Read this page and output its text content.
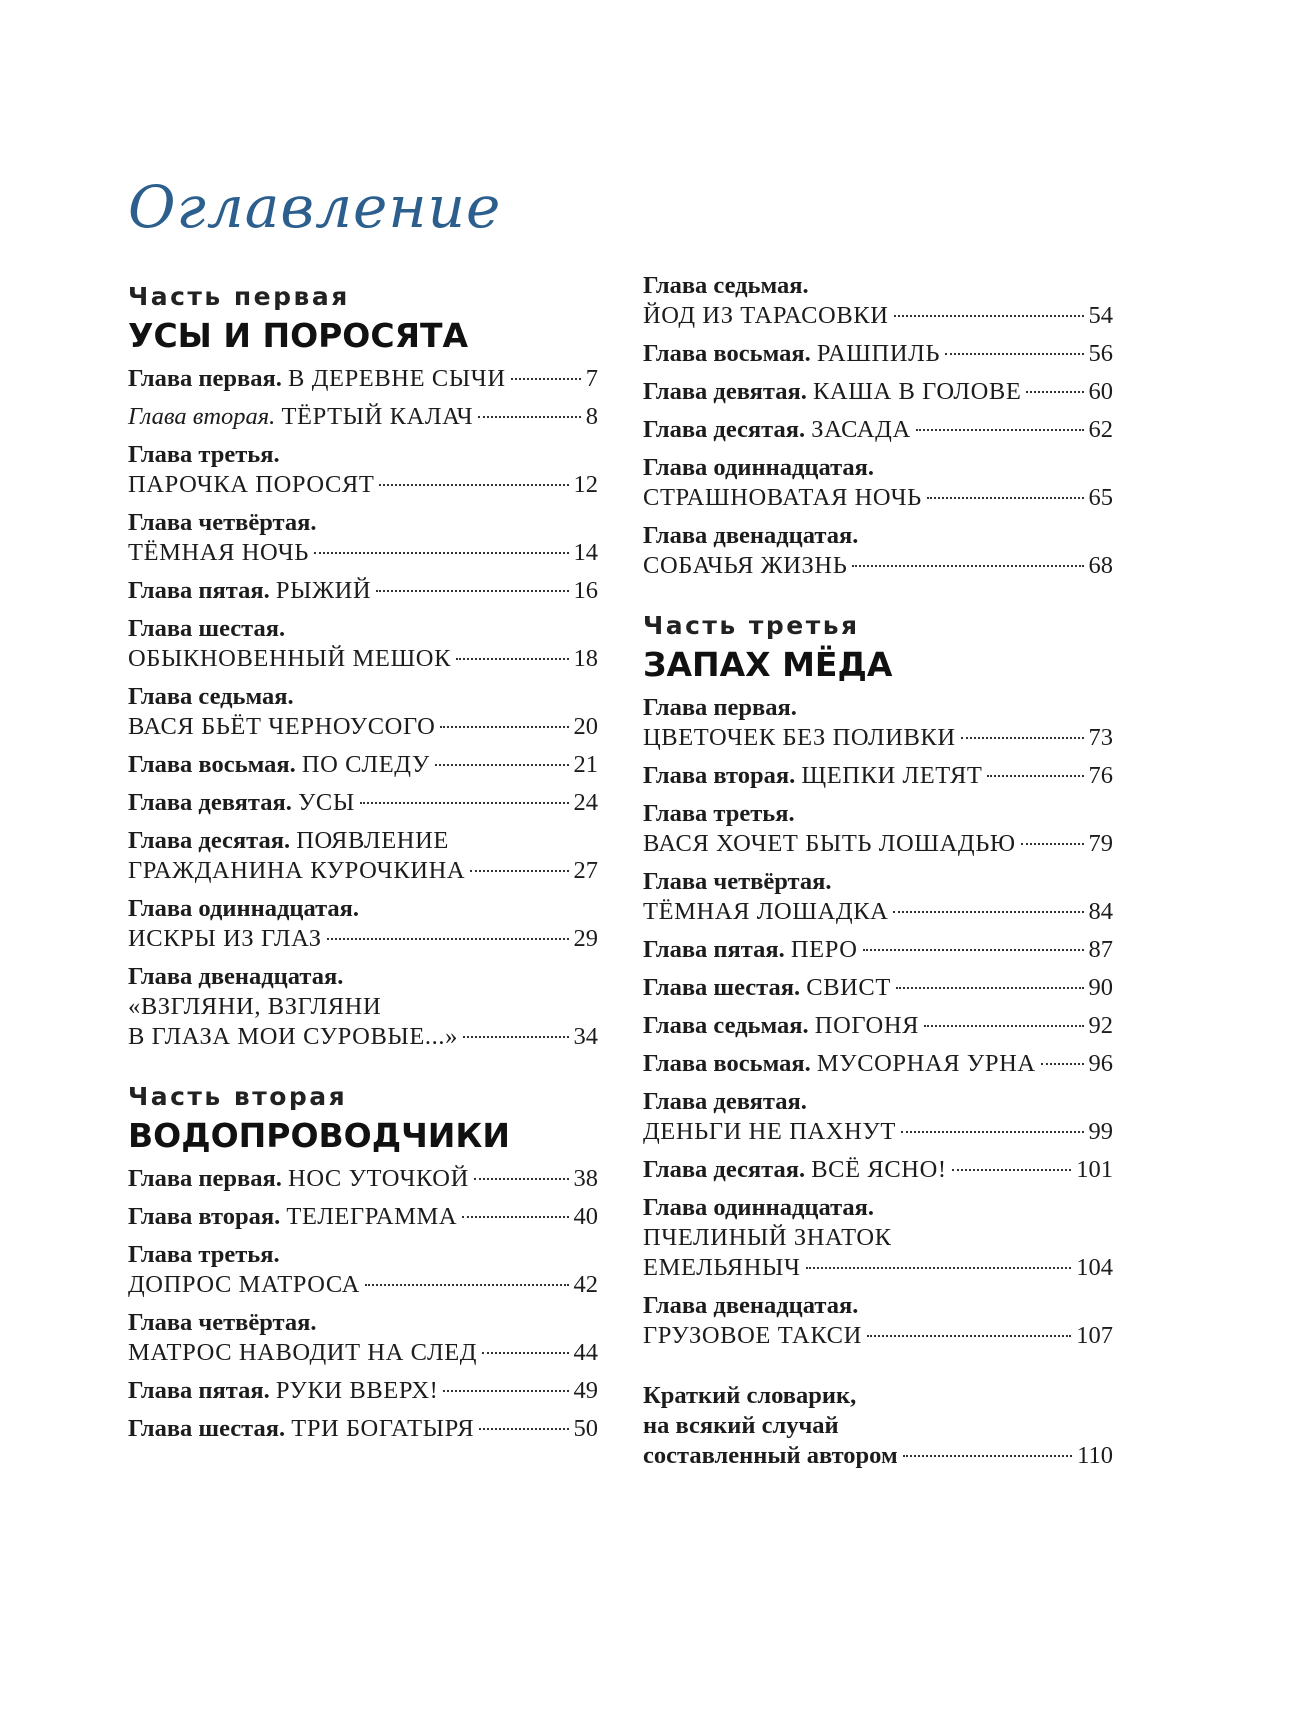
Оглавление
Часть первая
УСЫ И ПОРОСЯТА
Глава первая. В ДЕРЕВНЕ СЫЧИ	7
Глава вторая. ТЁРТЫЙ КАЛАЧ	8
Глава третья.
ПАРОЧКА ПОРОСЯТ	12
Глава четвёртая.
ТЁМНАЯ НОЧЬ	14
Глава пятая. РЫЖИЙ	16
Глава шестая.
ОБЫКНОВЕННЫЙ МЕШОК	18
Глава седьмая.
ВАСЯ БЬЁТ ЧЕРНОУСОГО	20
Глава восьмая. ПО СЛЕДУ	21
Глава девятая. УСЫ	24
Глава десятая. ПОЯВЛЕНИЕ
ГРАЖДАНИНА КУРОЧКИНА	27
Глава одиннадцатая.
ИСКРЫ ИЗ ГЛАЗ	29
Глава двенадцатая.
«ВЗГЛЯНИ, ВЗГЛЯНИ
В ГЛАЗА МОИ СУРОВЫЕ...»	34
Часть вторая
ВОДОПРОВОДЧИКИ
Глава первая. НОС УТОЧКОЙ	38
Глава вторая. ТЕЛЕГРАММА	40
Глава третья.
ДОПРОС МАТРОСА	42
Глава четвёртая.
МАТРОС НАВОДИТ НА СЛЕД	44
Глава пятая. РУКИ ВВЕРХ!	49
Глава шестая. ТРИ БОГАТЫРЯ	50
Глава седьмая.
ЙОД ИЗ ТАРАСОВКИ	54
Глава восьмая. РАШПИЛЬ	56
Глава девятая. КАША В ГОЛОВЕ	60
Глава десятая. ЗАСАДА	62
Глава одиннадцатая.
СТРАШНОВАТАЯ НОЧЬ	65
Глава двенадцатая.
СОБАЧЬЯ ЖИЗНЬ	68
Часть третья
ЗАПАХ МЁДА
Глава первая.
ЦВЕТОЧЕК БЕЗ ПОЛИВКИ	73
Глава вторая. ЩЕПКИ ЛЕТЯТ	76
Глава третья.
ВАСЯ ХОЧЕТ БЫТЬ ЛОШАДЬЮ	79
Глава четвёртая.
ТЁМНАЯ ЛОШАДКА	84
Глава пятая. ПЕРО	87
Глава шестая. СВИСТ	90
Глава седьмая. ПОГОНЯ	92
Глава восьмая. МУСОРНАЯ УРНА 96
Глава девятая.
ДЕНЬГИ НЕ ПАХНУТ	99
Глава десятая. ВСЁ ЯСНО!	101
Глава одиннадцатая.
ПЧЕЛИНЫЙ ЗНАТОК
ЕМЕЛЬЯНЫЧ	104
Глава двенадцатая.
ГРУЗОВОЕ ТАКСИ	107
Краткий словарик,
на всякий случай
составленный автором	110
